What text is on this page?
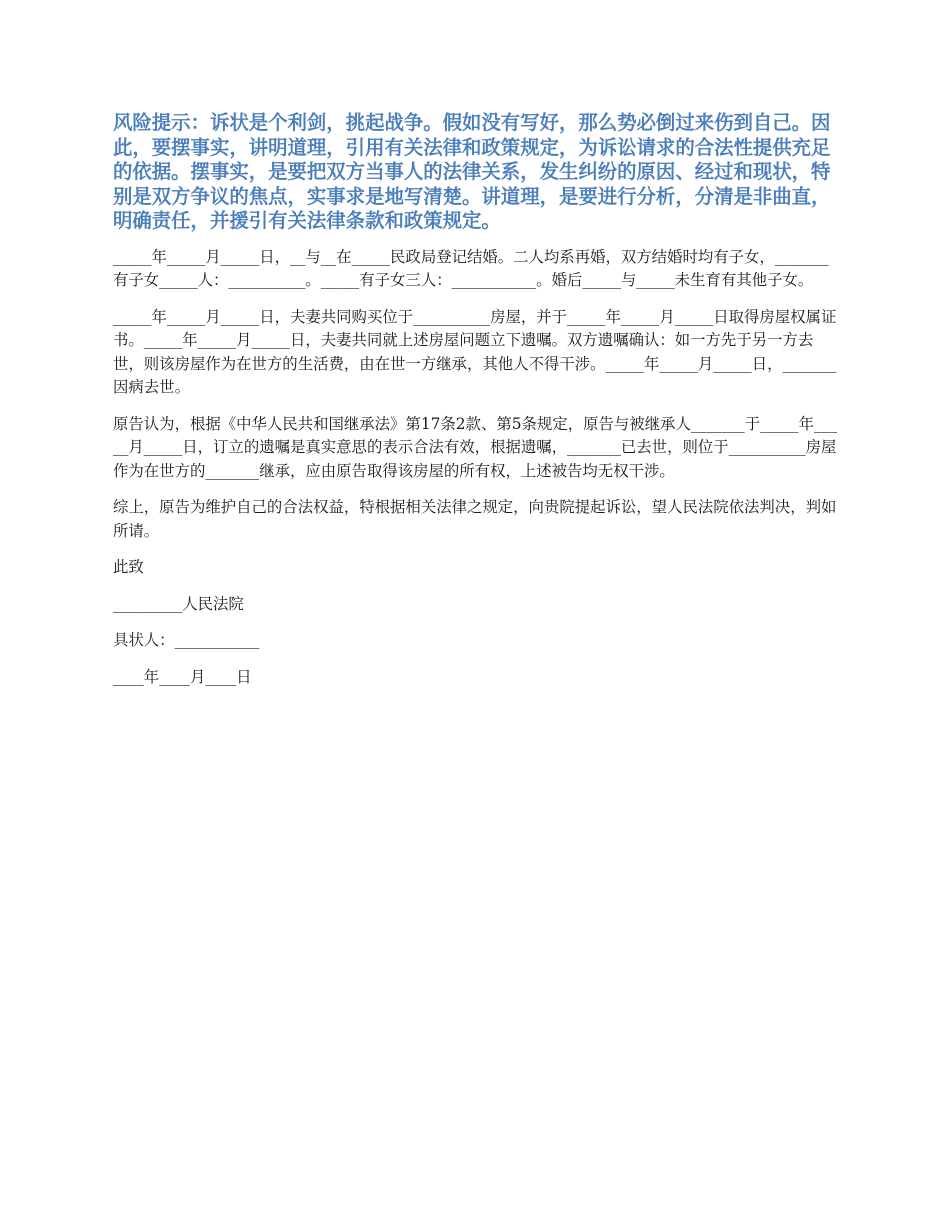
风险提示：诉状是个利剑，挑起战争。假如没有写好，那么势必倒过来伤到自己。因此，要摆事实，讲明道理，引用有关法律和政策规定，为诉讼请求的合法性提供充足的依据。摆事实，是要把双方当事人的法律关系，发生纠纷的原因、经过和现状，特别是双方争议的焦点，实事求是地写清楚。讲道理，是要进行分析，分清是非曲直，明确责任，并援引有关法律条款和政策规定。

_____年_____月_____日，__与__在_____民政局登记结婚。二人均系再婚，双方结婚时均有子女，_______有子女_____人：__________。_____有子女三人：___________。婚后_____与_____未生育有其他子女。

_____年_____月_____日，夫妻共同购买位于__________房屋，并于_____年_____月_____日取得房屋权属证书。_____年_____月_____日，夫妻共同就上述房屋问题立下遗嘱。双方遗嘱确认：如一方先于另一方去世，则该房屋作为在世方的生活费，由在世一方继承，其他人不得干涉。_____年_____月_____日，_______因病去世。

原告认为，根据《中华人民共和国继承法》第17条2款、第5条规定，原告与被继承人_______于_____年_____月_____日，订立的遗嘱是真实意思的表示合法有效，根据遗嘱，_______已去世，则位于__________房屋作为在世方的_______继承，应由原告取得该房屋的所有权，上述被告均无权干涉。

综上，原告为维护自己的合法权益，特根据相关法律之规定，向贵院提起诉讼，望人民法院依法判决，判如所请。

此致

_________人民法院

具状人：___________

____年____月____日
